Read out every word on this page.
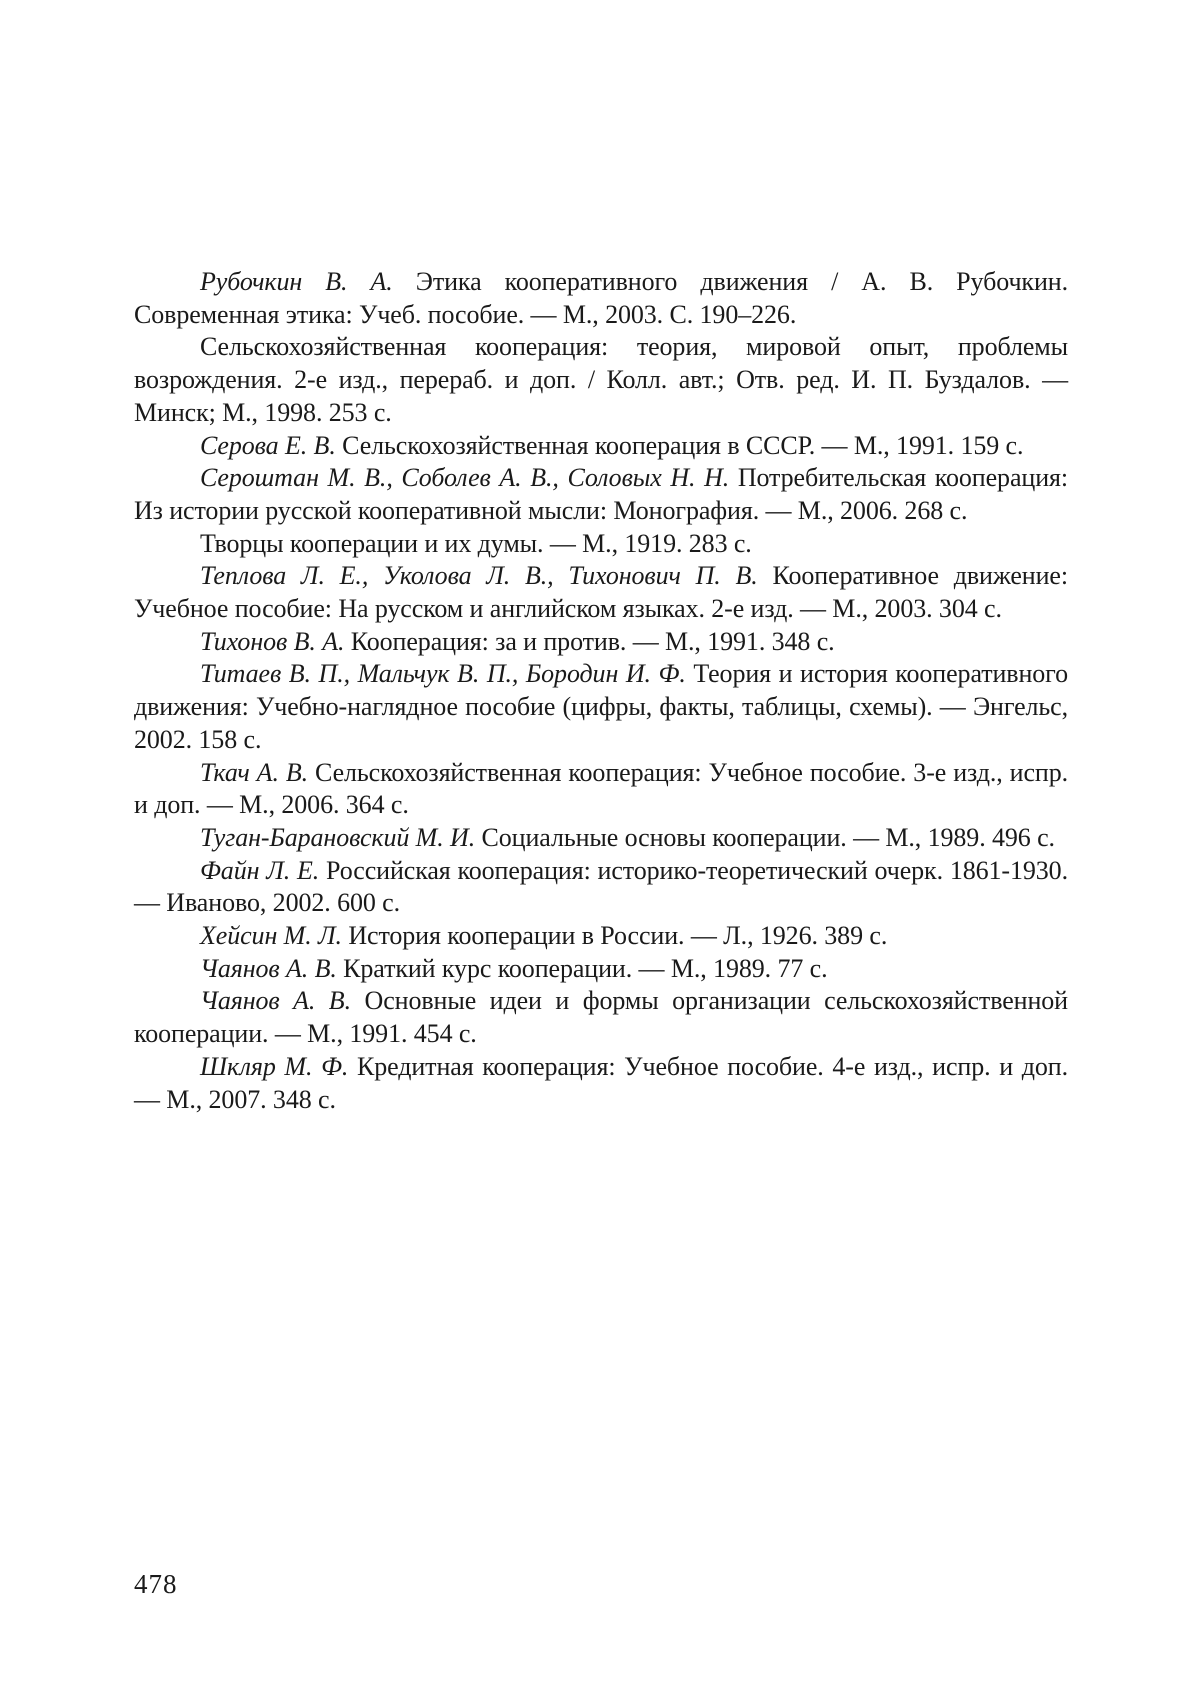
Рубочкин В. А. Этика кооперативного движения / А. В. Рубочкин. Современная этика: Учеб. пособие. — М., 2003. С. 190–226.
Сельскохозяйственная кооперация: теория, мировой опыт, проблемы возрождения. 2-е изд., перераб. и доп. / Колл. авт.; Отв. ред. И. П. Буздалов. — Минск; М., 1998. 253 с.
Серова Е. В. Сельскохозяйственная кооперация в СССР. — М., 1991. 159 с.
Сероштан М. В., Соболев А. В., Соловых Н. Н. Потребительская кооперация: Из истории русской кооперативной мысли: Монография. — М., 2006. 268 с.
Творцы кооперации и их думы. — М., 1919. 283 с.
Теплова Л. Е., Уколова Л. В., Тихонович П. В. Кооперативное движение: Учебное пособие: На русском и английском языках. 2-е изд. — М., 2003. 304 с.
Тихонов В. А. Кооперация: за и против. — М., 1991. 348 с.
Титаев В. П., Мальчук В. П., Бородин И. Ф. Теория и история кооперативного движения: Учебно-наглядное пособие (цифры, факты, таблицы, схемы). — Энгельс, 2002. 158 с.
Ткач А. В. Сельскохозяйственная кооперация: Учебное пособие. 3-е изд., испр. и доп. — М., 2006. 364 с.
Туган-Барановский М. И. Социальные основы кооперации. — М., 1989. 496 с.
Файн Л. Е. Российская кооперация: историко-теоретический очерк. 1861-1930. — Иваново, 2002. 600 с.
Хейсин М. Л. История кооперации в России. — Л., 1926. 389 с.
Чаянов А. В. Краткий курс кооперации. — М., 1989. 77 с.
Чаянов А. В. Основные идеи и формы организации сельскохозяйственной кооперации. — М., 1991. 454 с.
Шкляр М. Ф. Кредитная кооперация: Учебное пособие. 4-е изд., испр. и доп. — М., 2007. 348 с.
478
